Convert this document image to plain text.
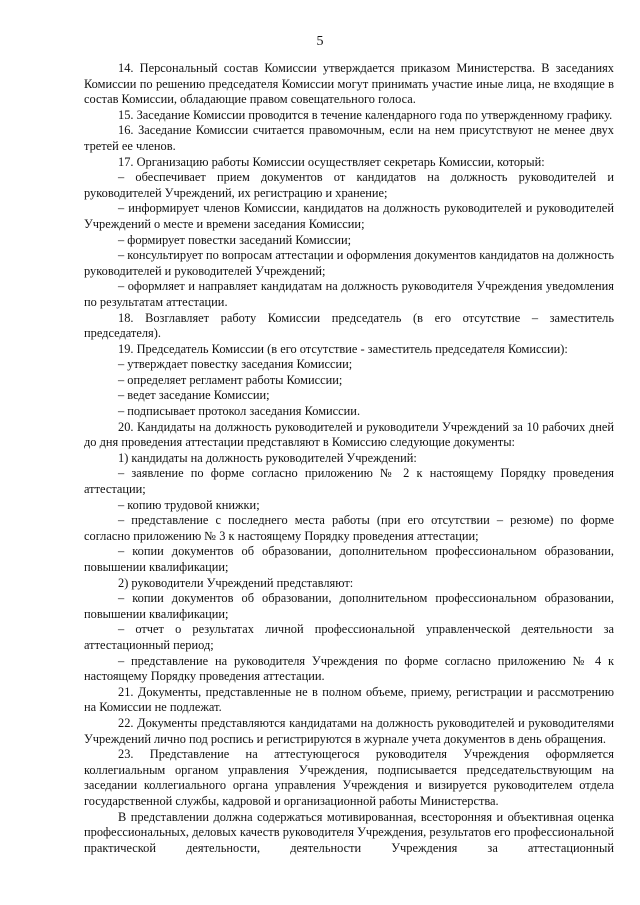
5

14. Персональный состав Комиссии утверждается приказом Министерства. В заседаниях Комиссии по решению председателя Комиссии могут принимать участие иные лица, не входящие в состав Комиссии, обладающие правом совещательного голоса.

15. Заседание Комиссии проводится в течение календарного года по утвержденному графику.

16. Заседание Комиссии считается правомочным, если на нем присутствуют не менее двух третей ее членов.

17. Организацию работы Комиссии осуществляет секретарь Комиссии, который:

– обеспечивает прием документов от кандидатов на должность руководителей и руководителей Учреждений, их регистрацию и хранение;

– информирует членов Комиссии, кандидатов на должность руководителей и руководителей Учреждений о месте и времени заседания Комиссии;

– формирует повестки заседаний Комиссии;

– консультирует по вопросам аттестации и оформления документов кандидатов на должность руководителей и руководителей Учреждений;

– оформляет и направляет кандидатам на должность руководителя Учреждения уведомления по результатам аттестации.

18. Возглавляет работу Комиссии председатель (в его отсутствие – заместитель председателя).

19. Председатель Комиссии (в его отсутствие - заместитель председателя Комиссии):

– утверждает повестку заседания Комиссии;

– определяет регламент работы Комиссии;

– ведет заседание Комиссии;

– подписывает протокол заседания Комиссии.

20. Кандидаты на должность руководителей и руководители Учреждений за 10 рабочих дней до дня проведения аттестации представляют в Комиссию следующие документы:

1) кандидаты на должность руководителей Учреждений:

– заявление по форме согласно приложению № 2 к настоящему Порядку проведения аттестации;

– копию трудовой книжки;

– представление с последнего места работы (при его отсутствии – резюме) по форме согласно приложению № 3 к настоящему Порядку проведения аттестации;

– копии документов об образовании, дополнительном профессиональном образовании, повышении квалификации;

2) руководители Учреждений представляют:

– копии документов об образовании, дополнительном профессиональном образовании, повышении квалификации;

– отчет о результатах личной профессиональной управленческой деятельности за аттестационный период;

– представление на руководителя Учреждения по форме согласно приложению № 4 к настоящему Порядку проведения аттестации.

21. Документы, представленные не в полном объеме, приему, регистрации и рассмотрению на Комиссии не подлежат.

22. Документы представляются кандидатами на должность руководителей и руководителями Учреждений лично под роспись и регистрируются в журнале учета документов в день обращения.

23. Представление на аттестующегося руководителя Учреждения оформляется коллегиальным органом управления Учреждения, подписывается председательствующим на заседании коллегиального органа управления Учреждения и визируется руководителем отдела государственной службы, кадровой и организационной работы Министерства.

В представлении должна содержаться мотивированная, всесторонняя и объективная оценка профессиональных, деловых качеств руководителя Учреждения, результатов его профессиональной практической деятельности, деятельности Учреждения за аттестационный
